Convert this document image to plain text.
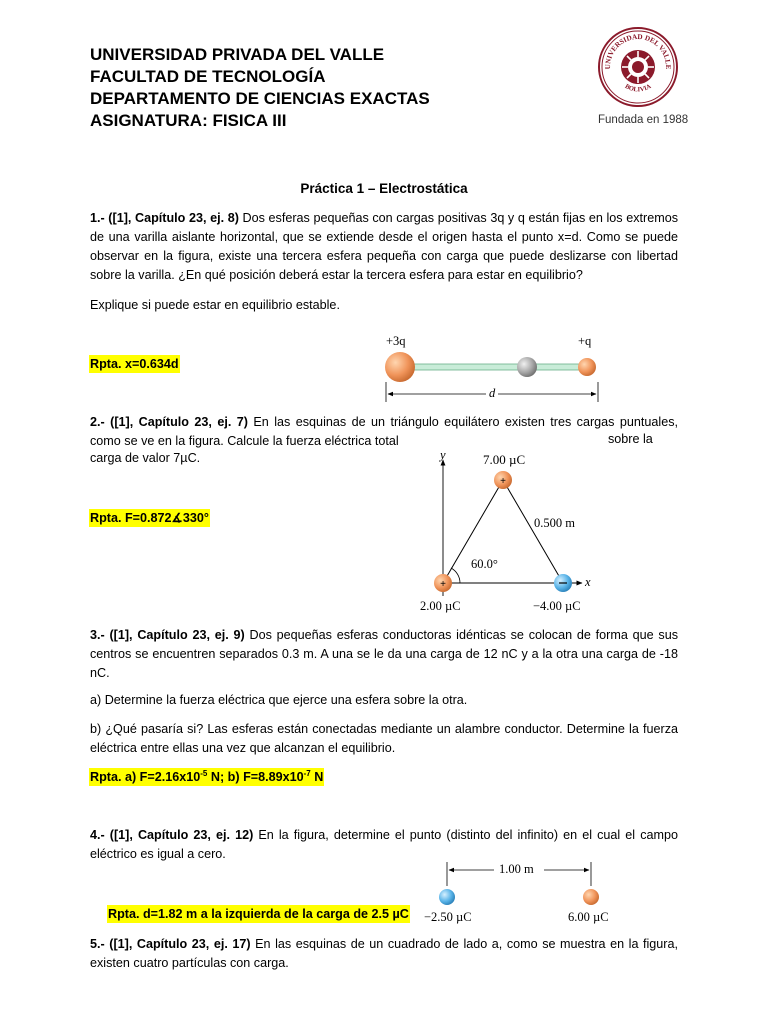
UNIVERSIDAD PRIVADA DEL VALLE
FACULTAD DE TECNOLOGÍA
DEPARTAMENTO DE CIENCIAS EXACTAS
ASIGNATURA: FISICA III
UNIVERSIDAD DEL VALLE
BOLIVIA
Fundada en 1988
Práctica 1 – Electrostática
1.- ([1], Capítulo 23, ej. 8) Dos esferas pequeñas con cargas positivas 3q y q están fijas en los extremos de una varilla aislante horizontal, que se extiende desde el origen hasta el punto x=d. Como se puede observar en la figura, existe una tercera esfera pequeña con carga que puede deslizarse con libertad sobre la varilla. ¿En qué posición deberá estar la tercera esfera para estar en equilibrio?
Explique si puede estar en equilibrio estable.
Rpta. x=0.634d
2.- ([1], Capítulo 23, ej. 7) En las esquinas de un triángulo equilátero existen tres cargas puntuales, como se ve en la figura. Calcule la fuerza eléctrica total	sobre la
carga de valor 7µC.
Rpta. F=0.872∡330°
3.- ([1], Capítulo 23, ej. 9) Dos pequeñas esferas conductoras idénticas se colocan de forma que sus centros se encuentren separados 0.3 m. A una se le da una carga de 12 nC y a la otra una carga de -18 nC.
a) Determine la fuerza eléctrica que ejerce una esfera sobre la otra.
b) ¿Qué pasaría si? Las esferas están conectadas mediante un alambre conductor. Determine la fuerza eléctrica entre ellas una vez que alcanzan el equilibrio.
Rpta. a) $F=2.16x10^{-5}$ N; b) $F=8.89x10^{-7}$ N
4.- ([1], Capítulo 23, ej. 12) En la figura, determine el punto (distinto del infinito) en el cual el campo eléctrico es igual a cero.
Rpta. d=1.82 m a la izquierda de la carga de 2.5 µC
5.- ([1], Capítulo 23, ej. 17) En las esquinas de un cuadrado de lado a, como se muestra en la figura, existen cuatro partículas con carga.
+
+
+3q	+q
d
y
x
7.00 µC
0.500 m
60.0°
2.00 µC	−4.00 µC
1.00 m
−2.50 µC	6.00 µC
